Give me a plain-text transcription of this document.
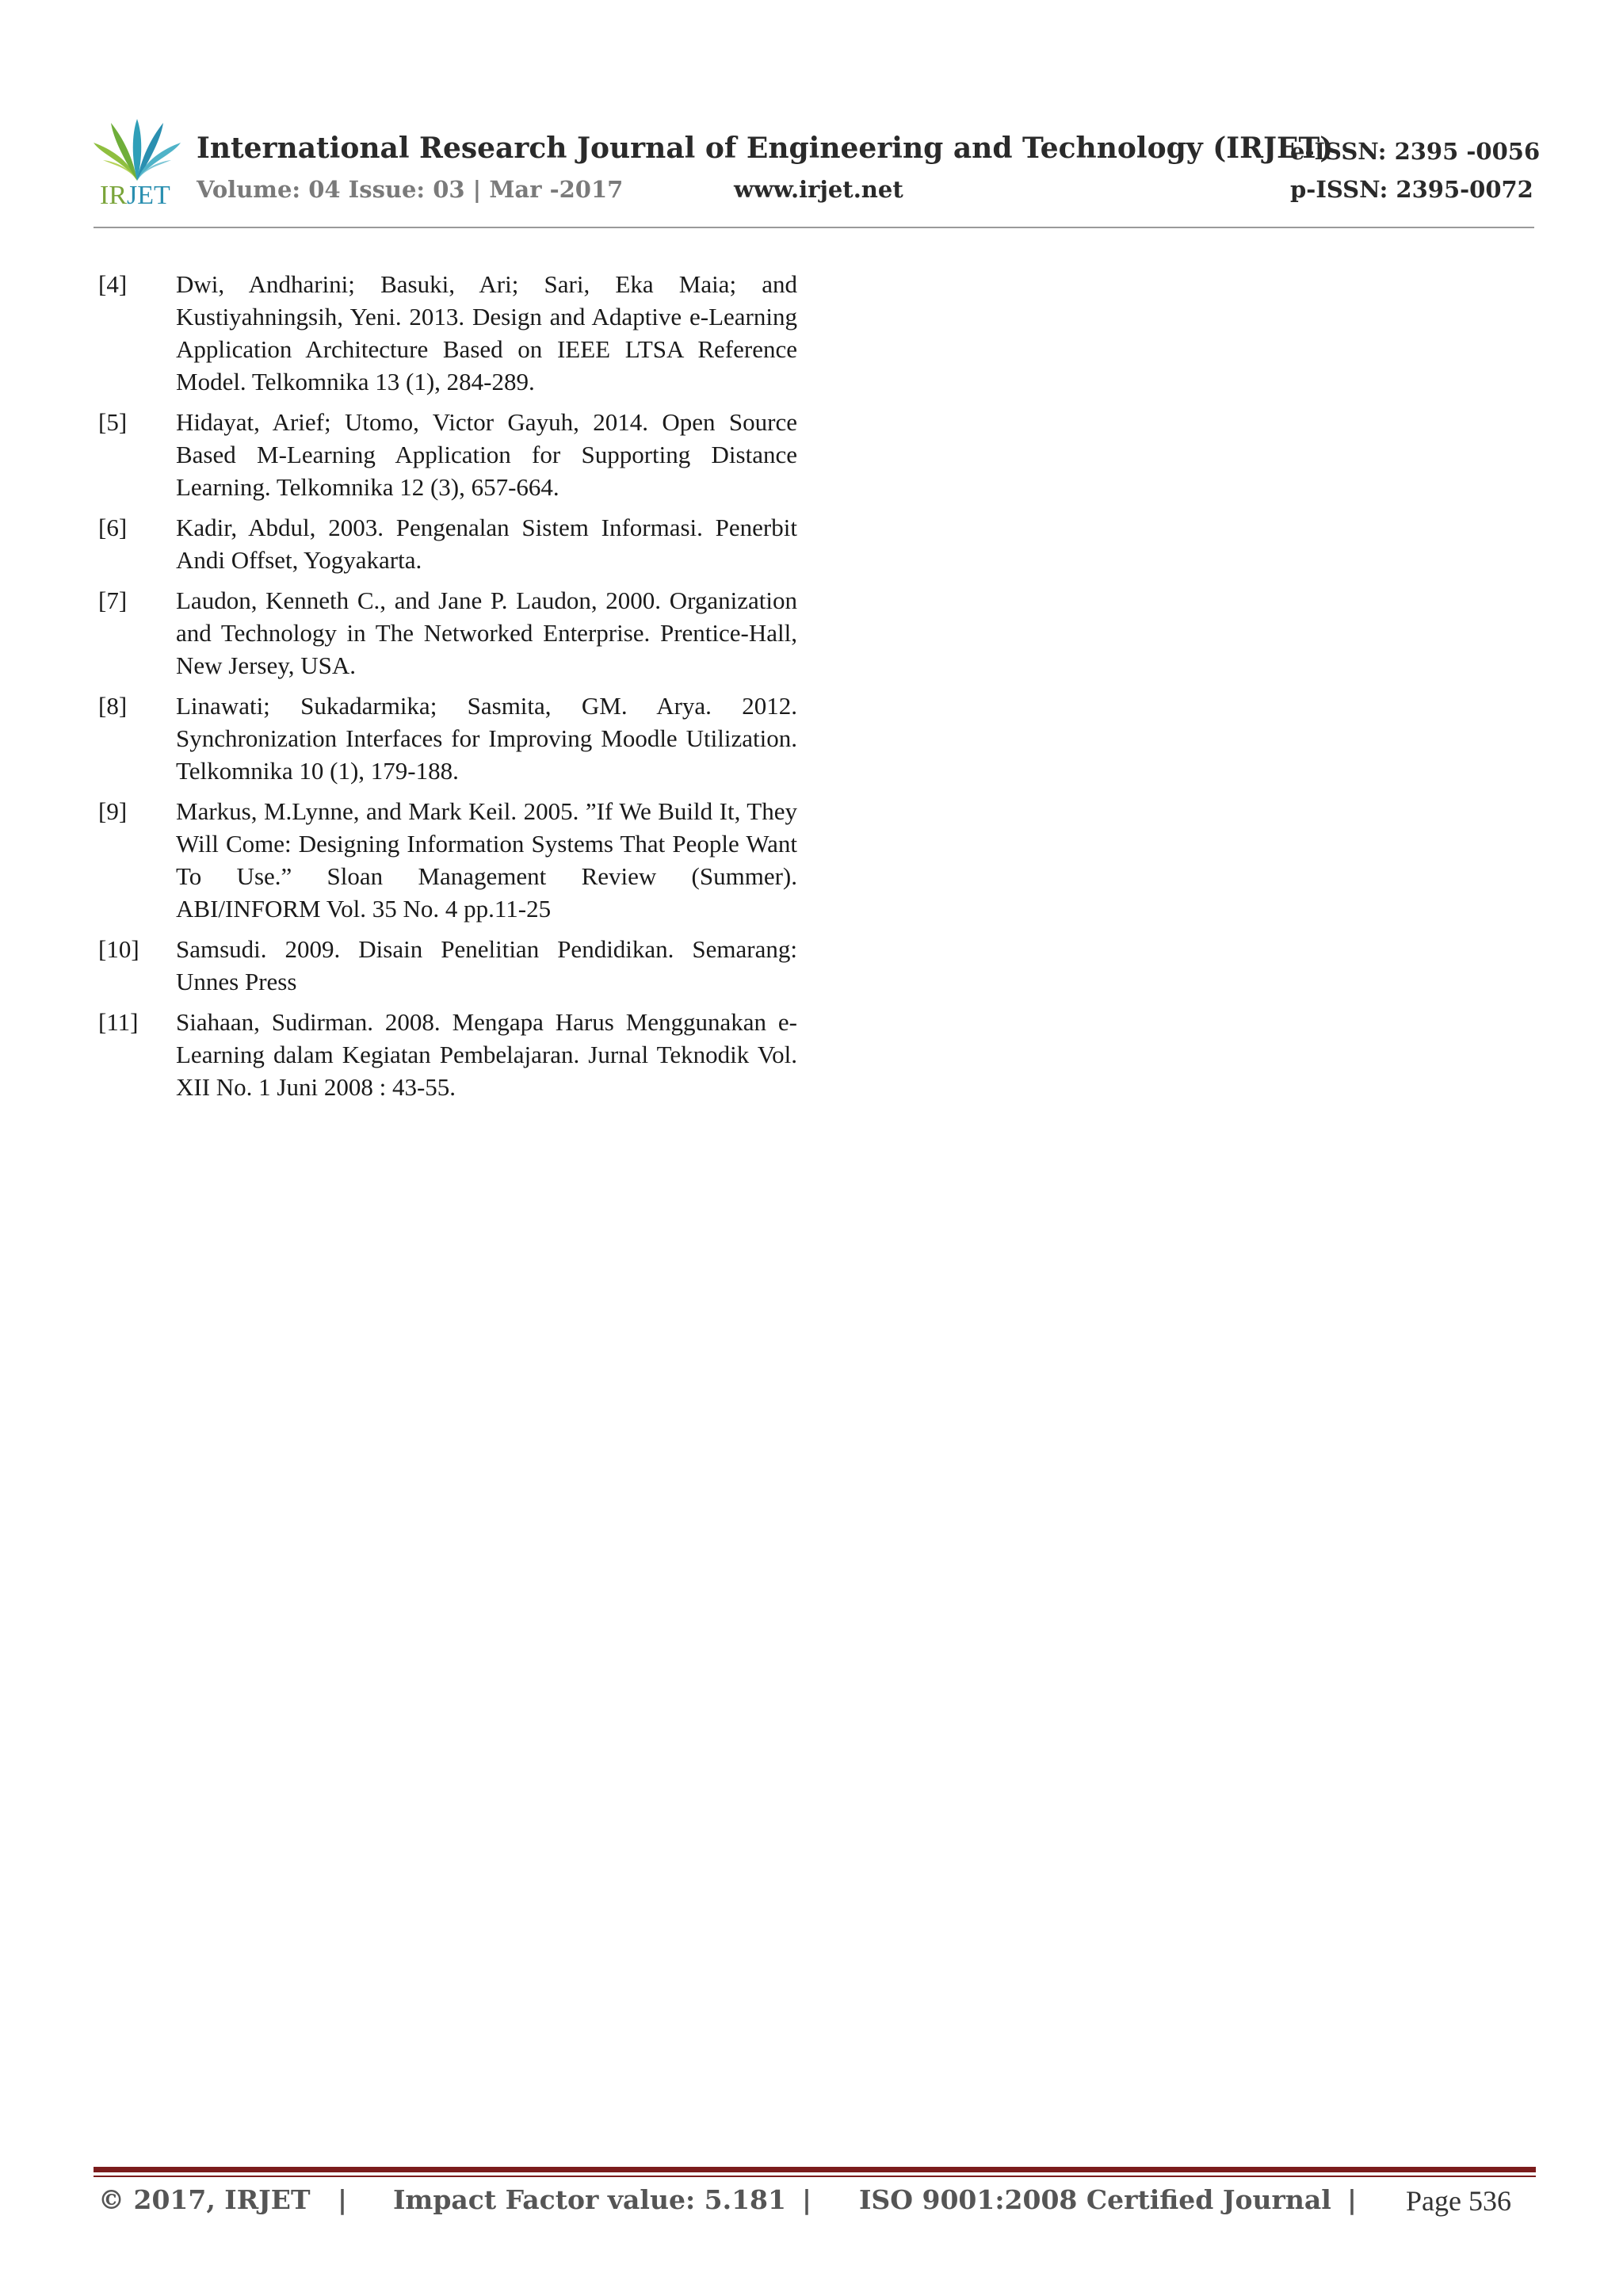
IRJET
International Research Journal of Engineering and Technology (IRJET)
e-ISSN: 2395 -0056
Volume: 04 Issue: 03 | Mar -2017	www.irjet.net	p-ISSN: 2395-0072
[4]	Dwi, Andharini; Basuki, Ari; Sari, Eka Maia; and Kustiyahningsih, Yeni. 2013. Design and Adaptive e-Learning Application Architecture Based on IEEE LTSA Reference Model. Telkomnika 13 (1), 284-289.
[5]	Hidayat, Arief; Utomo, Victor Gayuh, 2014. Open Source Based M-Learning Application for Supporting Distance Learning. Telkomnika 12 (3), 657-664.
[6]	Kadir, Abdul, 2003. Pengenalan Sistem Informasi. Penerbit Andi Offset, Yogyakarta.
[7]	Laudon, Kenneth C., and Jane P. Laudon, 2000. Organization and Technology in The Networked Enterprise. Prentice-Hall, New Jersey, USA.
[8]	Linawati; Sukadarmika; Sasmita, GM. Arya. 2012. Synchronization Interfaces for Improving Moodle Utilization. Telkomnika 10 (1), 179-188.
[9]	Markus, M.Lynne, and Mark Keil. 2005. ”If We Build It, They Will Come: Designing Information Systems That People Want To Use.” Sloan Management Review (Summer). ABI/INFORM Vol. 35 No. 4 pp.11-25
[10]	Samsudi. 2009. Disain Penelitian Pendidikan. Semarang: Unnes Press
[11]	Siahaan, Sudirman. 2008. Mengapa Harus Menggunakan e-Learning dalam Kegiatan Pembelajaran. Jurnal Teknodik Vol. XII No. 1 Juni 2008 : 43-55.
© 2017, IRJET | Impact Factor value: 5.181 | ISO 9001:2008 Certified Journal | Page 536
